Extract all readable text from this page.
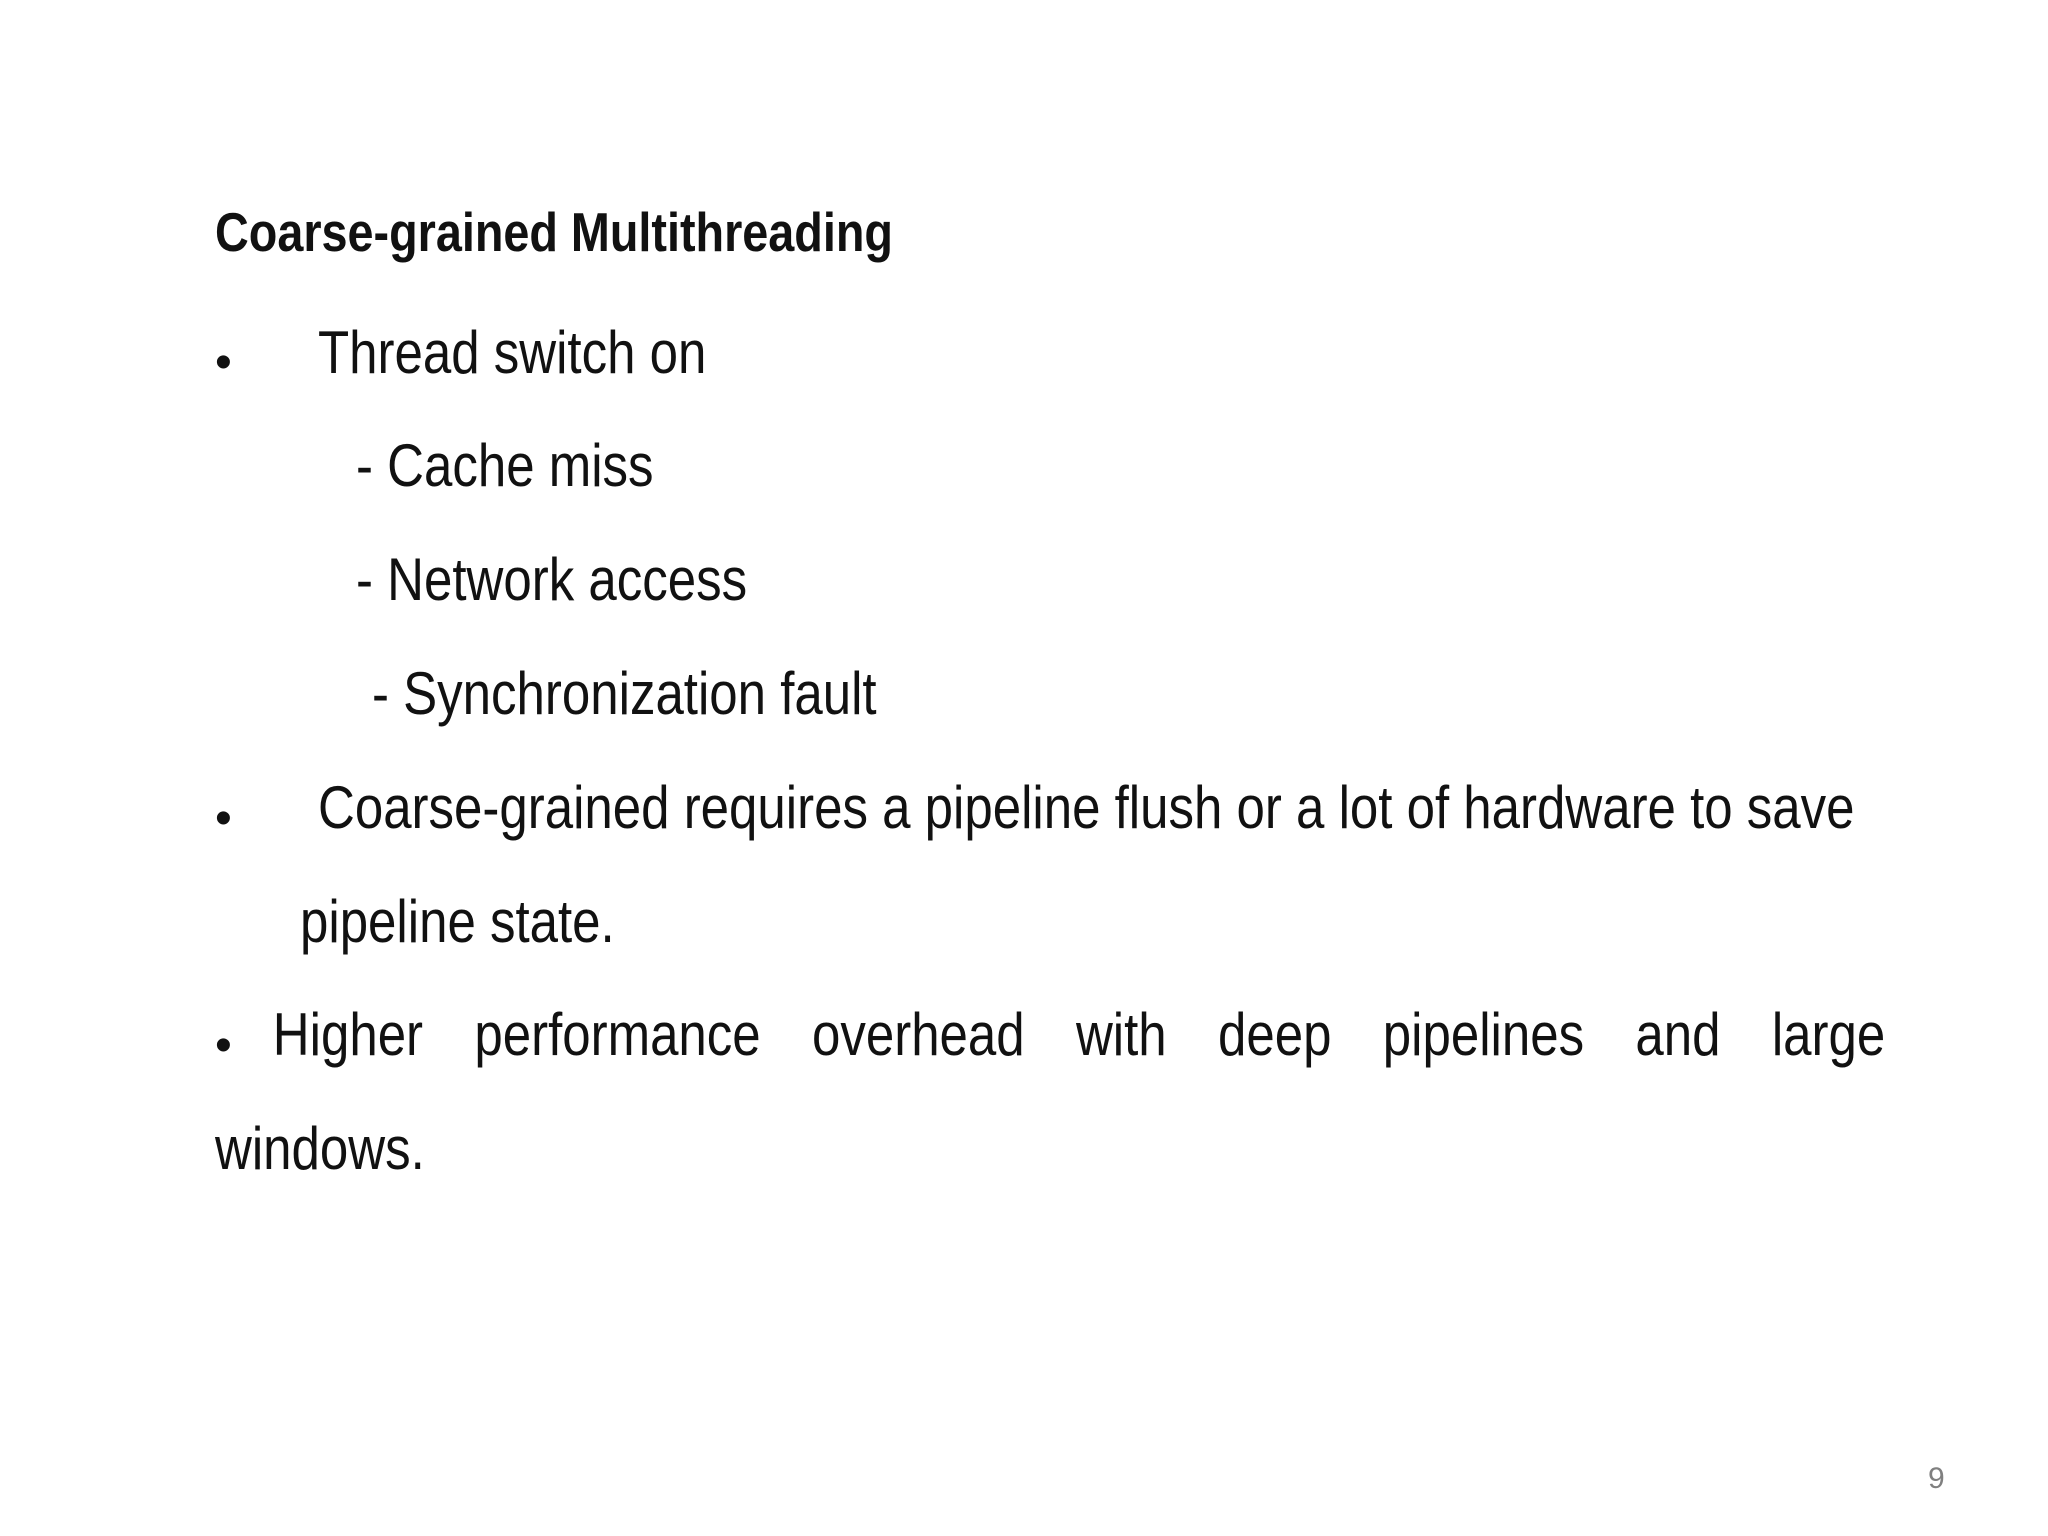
Coarse-grained Multithreading
• Thread switch on
- Cache miss
- Network access
- Synchronization fault
• Coarse-grained requires a pipeline flush or a lot of hardware to save
pipeline state.
• Higher performance overhead with deep pipelines and large
windows.
9
